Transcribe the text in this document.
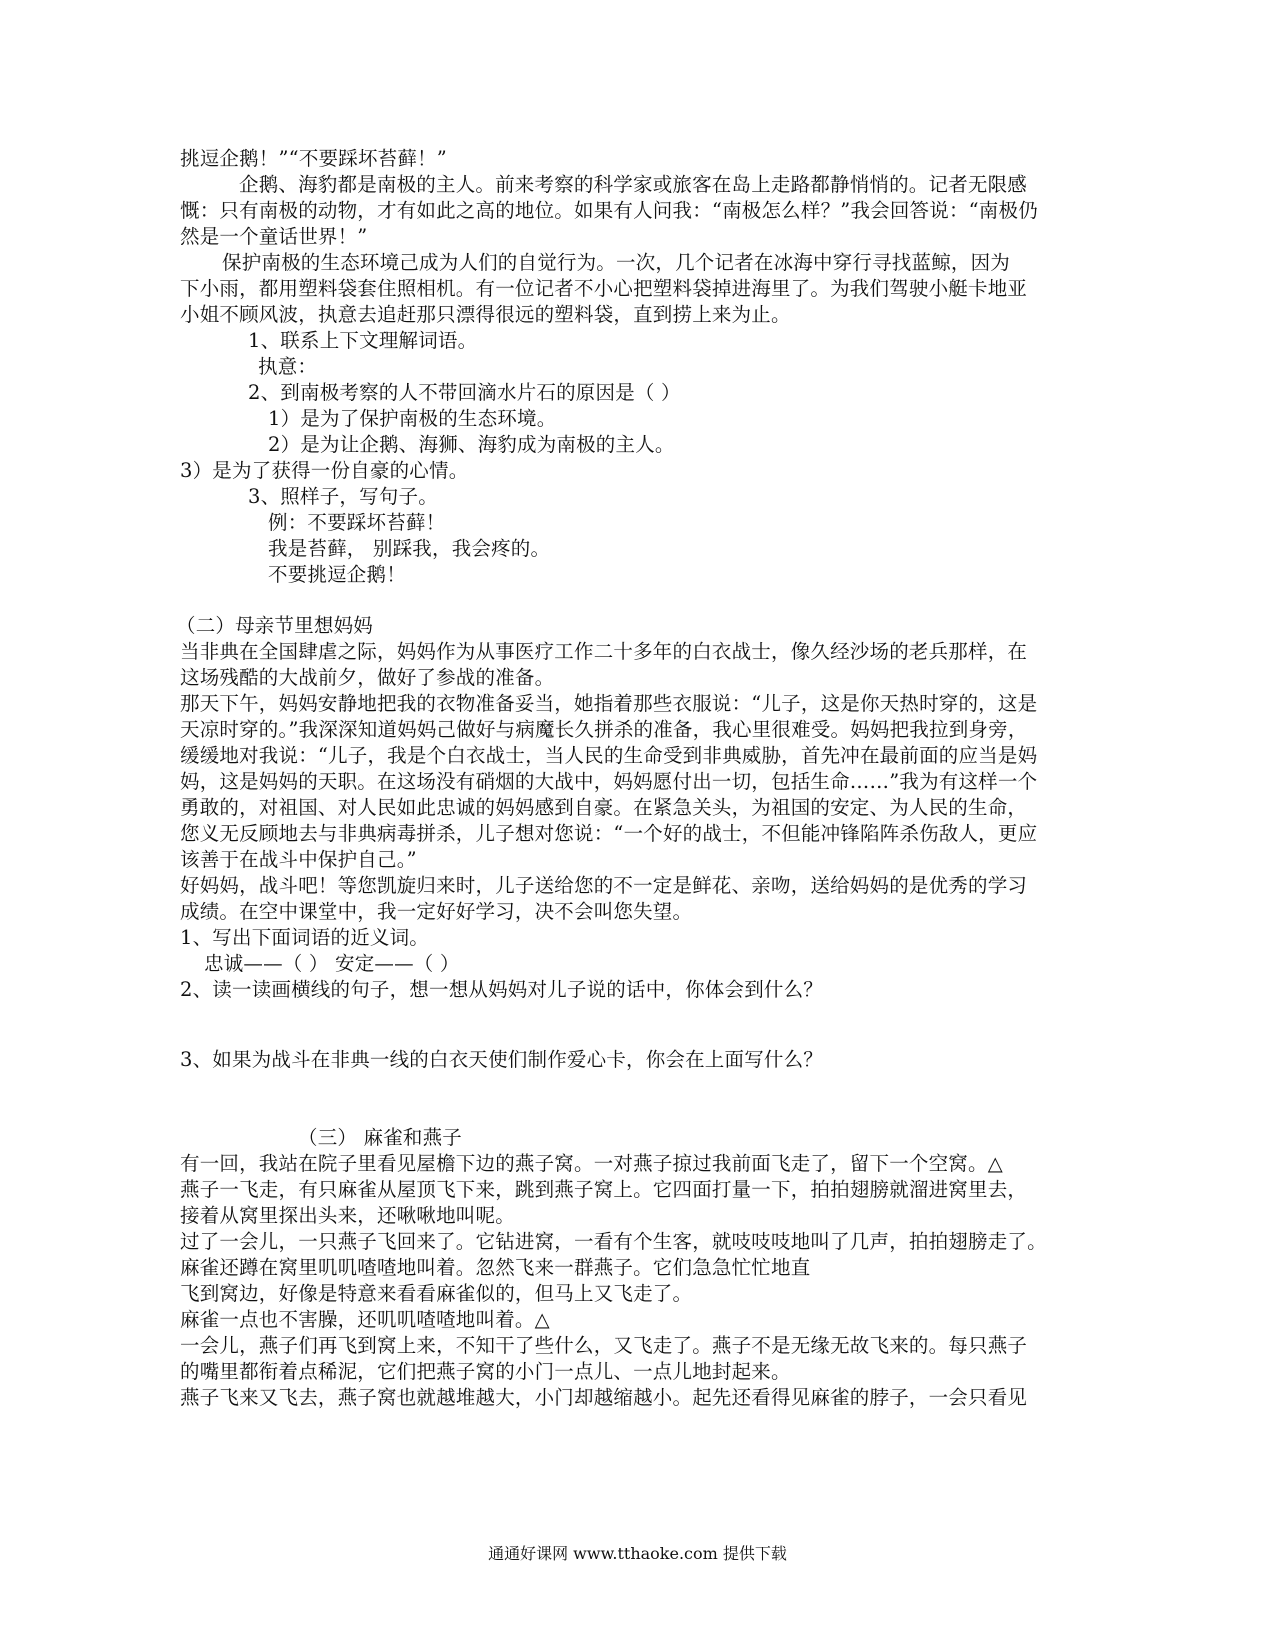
挑逗企鹅！”“不要踩坏苔藓！”
企鹅、海豹都是南极的主人。前来考察的科学家或旅客在岛上走路都静悄悄的。记者无限感
慨：只有南极的动物，才有如此之高的地位。如果有人问我：“南极怎么样？”我会回答说：“南极仍
然是一个童话世界！”
保护南极的生态环境己成为人们的自觉行为。一次，几个记者在冰海中穿行寻找蓝鲸，因为
下小雨，都用塑料袋套住照相机。有一位记者不小心把塑料袋掉进海里了。为我们驾驶小艇卡地亚
小姐不顾风波，执意去追赶那只漂得很远的塑料袋，直到捞上来为止。
1、联系上下文理解词语。
执意：
2、到南极考察的人不带回滴水片石的原因是（ ）
1）是为了保护南极的生态环境。
2）是为让企鹅、海狮、海豹成为南极的主人。
3）是为了获得一份自豪的心情。
3、照样子，写句子。
例：不要踩坏苔藓！
我是苔藓， 别踩我，我会疼的。
不要挑逗企鹅！
（二）母亲节里想妈妈
当非典在全国肆虐之际，妈妈作为从事医疗工作二十多年的白衣战士，像久经沙场的老兵那样，在
这场残酷的大战前夕，做好了参战的准备。
那天下午，妈妈安静地把我的衣物准备妥当，她指着那些衣服说：“儿子，这是你天热时穿的，这是
天凉时穿的。”我深深知道妈妈己做好与病魔长久拼杀的准备，我心里很难受。妈妈把我拉到身旁，
缓缓地对我说：“儿子，我是个白衣战士，当人民的生命受到非典威胁，首先冲在最前面的应当是妈
妈，这是妈妈的天职。在这场没有硝烟的大战中，妈妈愿付出一切，包括生命……”我为有这样一个
勇敢的，对祖国、对人民如此忠诚的妈妈感到自豪。在紧急关头，为祖国的安定、为人民的生命，
您义无反顾地去与非典病毒拼杀，儿子想对您说：“一个好的战士，不但能冲锋陷阵杀伤敌人，更应
该善于在战斗中保护自己。”
好妈妈，战斗吧！等您凯旋归来时，儿子送给您的不一定是鲜花、亲吻，送给妈妈的是优秀的学习
成绩。在空中课堂中，我一定好好学习，决不会叫您失望。
1、写出下面词语的近义词。
忠诚——（ ） 安定——（ ）
2、读一读画横线的句子，想一想从妈妈对儿子说的话中，你体会到什么？
3、如果为战斗在非典一线的白衣天使们制作爱心卡，你会在上面写什么？
（三） 麻雀和燕子
有一回，我站在院子里看见屋檐下边的燕子窝。一对燕子掠过我前面飞走了，留下一个空窝。△
燕子一飞走，有只麻雀从屋顶飞下来，跳到燕子窝上。它四面打量一下，拍拍翅膀就溜进窝里去，
接着从窝里探出头来，还啾啾地叫呢。
过了一会儿，一只燕子飞回来了。它钻进窝，一看有个生客，就吱吱吱地叫了几声，拍拍翅膀走了。
麻雀还蹲在窝里叽叽喳喳地叫着。忽然飞来一群燕子。它们急急忙忙地直
飞到窝边，好像是特意来看看麻雀似的，但马上又飞走了。
麻雀一点也不害臊，还叽叽喳喳地叫着。△
一会儿，燕子们再飞到窝上来，不知干了些什么，又飞走了。燕子不是无缘无故飞来的。每只燕子
的嘴里都衔着点稀泥，它们把燕子窝的小门一点儿、一点儿地封起来。
燕子飞来又飞去，燕子窝也就越堆越大，小门却越缩越小。起先还看得见麻雀的脖子，一会只看见
通通好课网 www.tthaoke.com 提供下载
